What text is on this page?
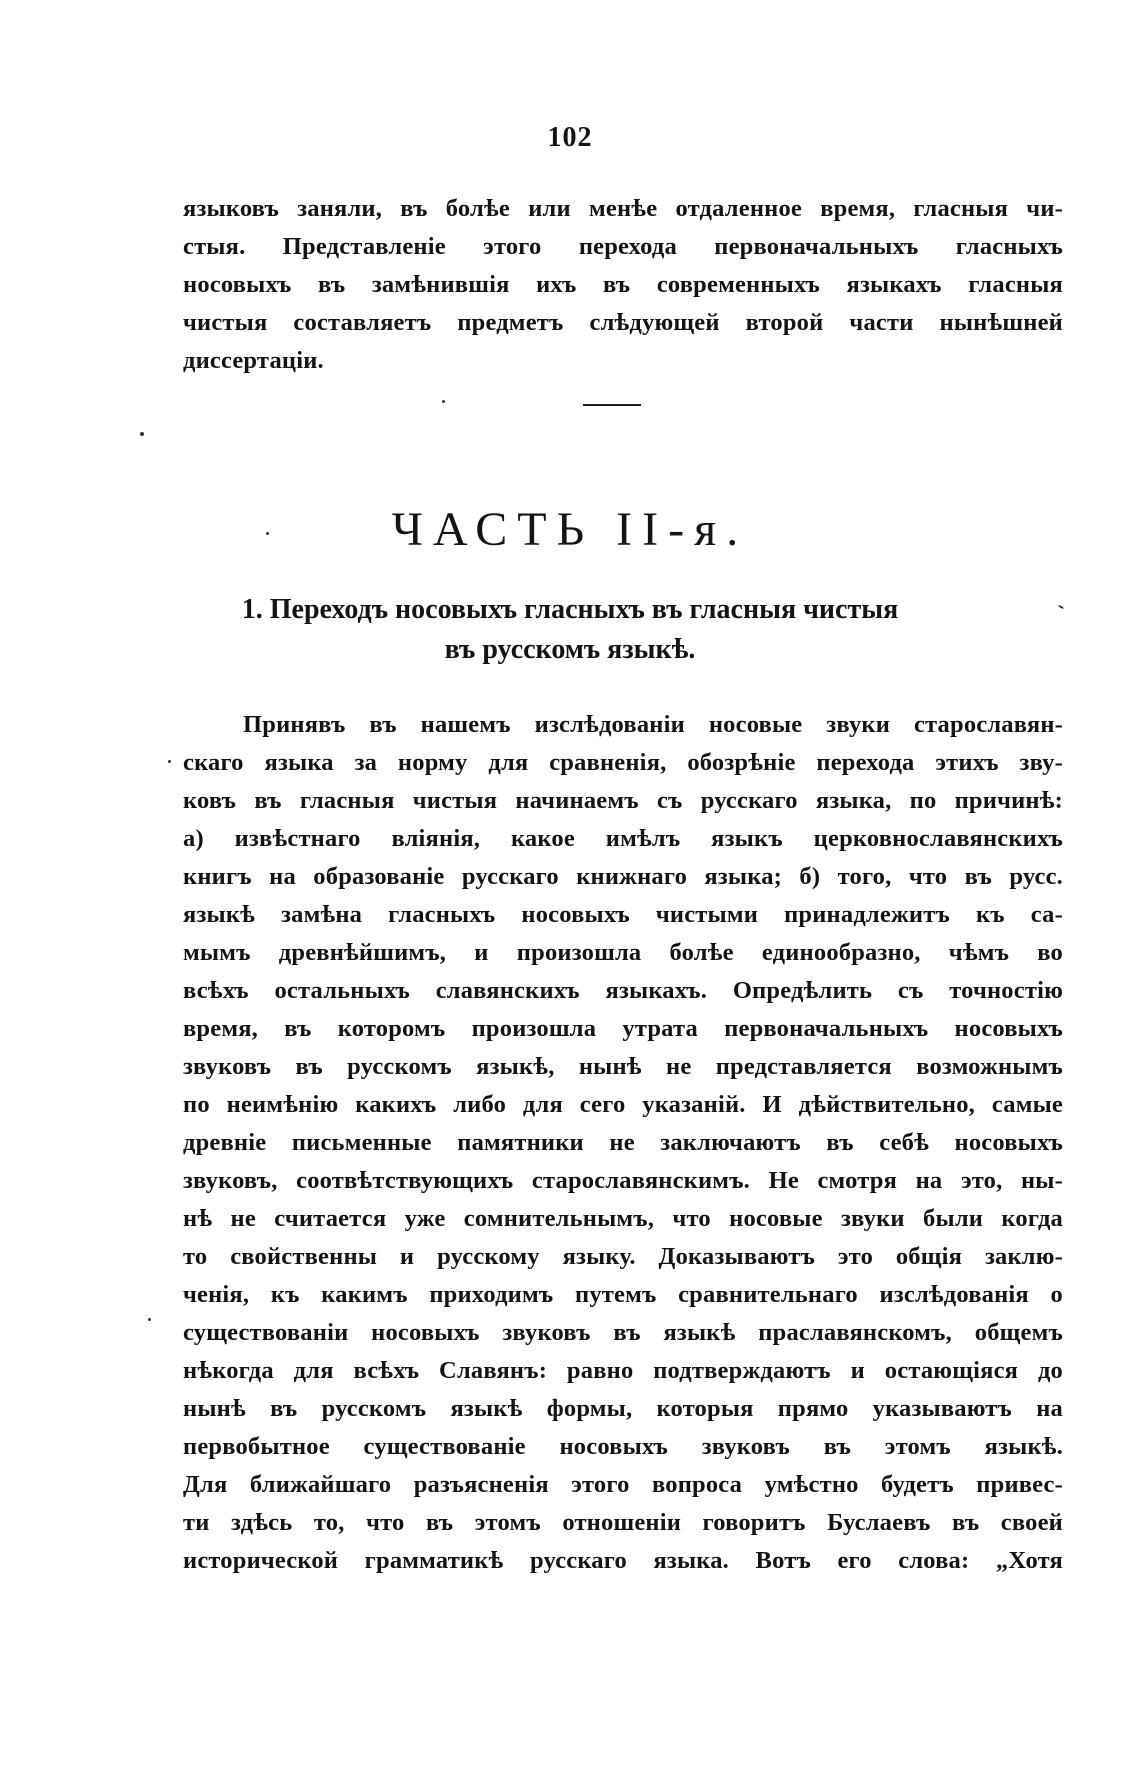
102
языковъ заняли, въ болѣе или менѣе отдаленное время, гласныя чи-
стыя. Представленіе этого перехода первоначальныхъ гласныхъ
носовыхъ въ замѣнившія ихъ въ современныхъ языкахъ гласныя
чистыя составляетъ предметъ слѣдующей второй части нынѣшней
диссертаціи.
ЧАСТЬ II-я.
1. Переходъ носовыхъ гласныхъ въ гласныя чистыя
въ русскомъ языкѣ.
Принявъ въ нашемъ изслѣдованіи носовые звуки старославян-
скаго языка за норму для сравненія, обозрѣніе перехода этихъ зву-
ковъ въ гласныя чистыя начинаемъ съ русскаго языка, по причинѣ:
а) извѣстнаго вліянія, какое имѣлъ языкъ церковнославянскихъ
книгъ на образованіе русскаго книжнаго языка; б) того, что въ русс.
языкѣ замѣна гласныхъ носовыхъ чистыми принадлежитъ къ са-
мымъ древнѣйшимъ, и произошла болѣе единообразно, чѣмъ во
всѣхъ остальныхъ славянскихъ языкахъ. Опредѣлить съ точностію
время, въ которомъ произошла утрата первоначальныхъ носовыхъ
звуковъ въ русскомъ языкѣ, нынѣ не представляется возможнымъ
по неимѣнію какихъ либо для сего указаній. И дѣйствительно, самые
древніе письменные памятники не заключаютъ въ себѣ носовыхъ
звуковъ, соотвѣтствующихъ старославянскимъ. Не смотря на это, ны-
нѣ не считается уже сомнительнымъ, что носовые звуки были когда
то свойственны и русскому языку. Доказываютъ это общія заклю-
ченія, къ какимъ приходимъ путемъ сравнительнаго изслѣдованія о
существованіи носовыхъ звуковъ въ языкѣ праславянскомъ, общемъ
нѣкогда для всѣхъ Славянъ: равно подтверждаютъ и остающіяся до
нынѣ въ русскомъ языкѣ формы, которыя прямо указываютъ на
первобытное существованіе носовыхъ звуковъ въ этомъ языкѣ.
Для ближайшаго разъясненія этого вопроса умѣстно будетъ привес-
ти здѣсь то, что въ этомъ отношеніи говоритъ Буслаевъ въ своей
исторической грамматикѣ русскаго языка. Вотъ его слова: „Хотя
